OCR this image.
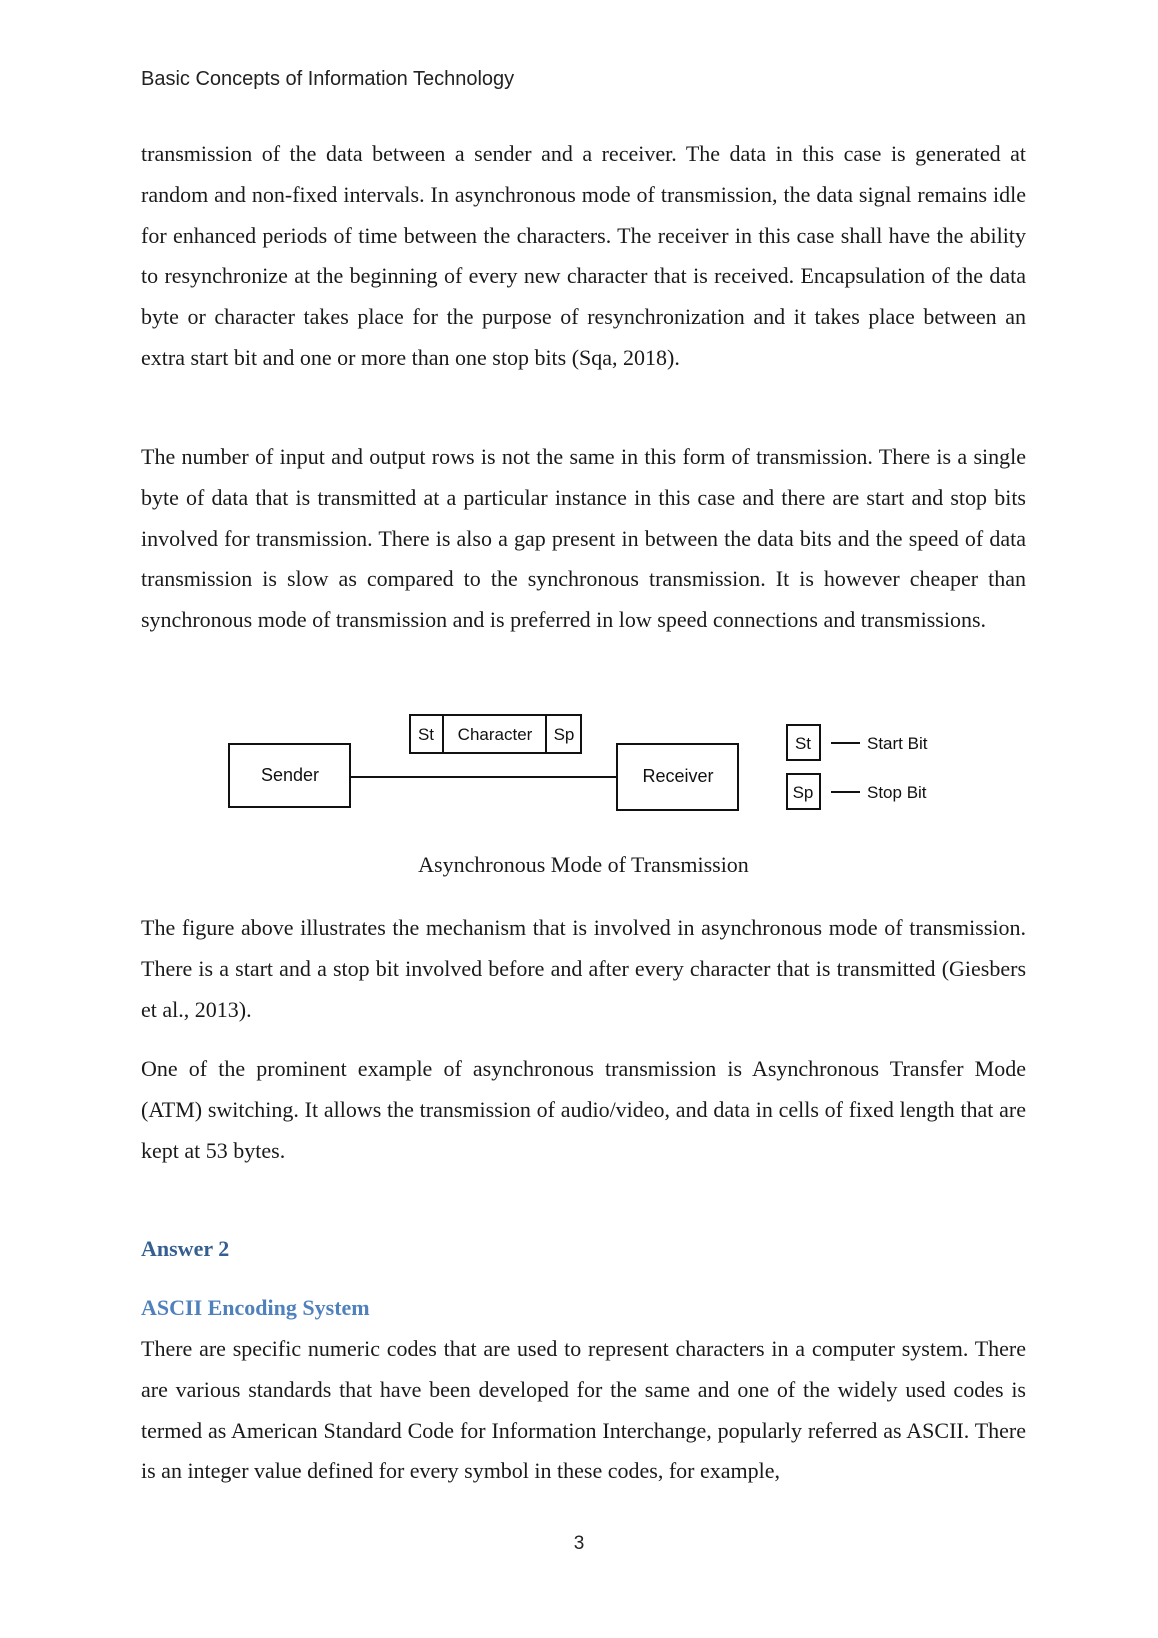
Basic Concepts of Information Technology

transmission of the data between a sender and a receiver. The data in this case is generated at random and non-fixed intervals. In asynchronous mode of transmission, the data signal remains idle for enhanced periods of time between the characters. The receiver in this case shall have the ability to resynchronize at the beginning of every new character that is received. Encapsulation of the data byte or character takes place for the purpose of resynchronization and it takes place between an extra start bit and one or more than one stop bits (Sqa, 2018).

The number of input and output rows is not the same in this form of transmission. There is a single byte of data that is transmitted at a particular instance in this case and there are start and stop bits involved for transmission. There is also a gap present in between the data bits and the speed of data transmission is slow as compared to the synchronous transmission. It is however cheaper than synchronous mode of transmission and is preferred in low speed connections and transmissions.

Sender	Receiver
St Character Sp	St	Start Bit
Sp	Stop Bit
Asynchronous Mode of Transmission

The figure above illustrates the mechanism that is involved in asynchronous mode of transmission. There is a start and a stop bit involved before and after every character that is transmitted (Giesbers et al., 2013).

One of the prominent example of asynchronous transmission is Asynchronous Transfer Mode (ATM) switching. It allows the transmission of audio/video, and data in cells of fixed length that are kept at 53 bytes.

Answer 2
ASCII Encoding System

There are specific numeric codes that are used to represent characters in a computer system. There are various standards that have been developed for the same and one of the widely used codes is termed as American Standard Code for Information Interchange, popularly referred as ASCII. There is an integer value defined for every symbol in these codes, for example,

3
